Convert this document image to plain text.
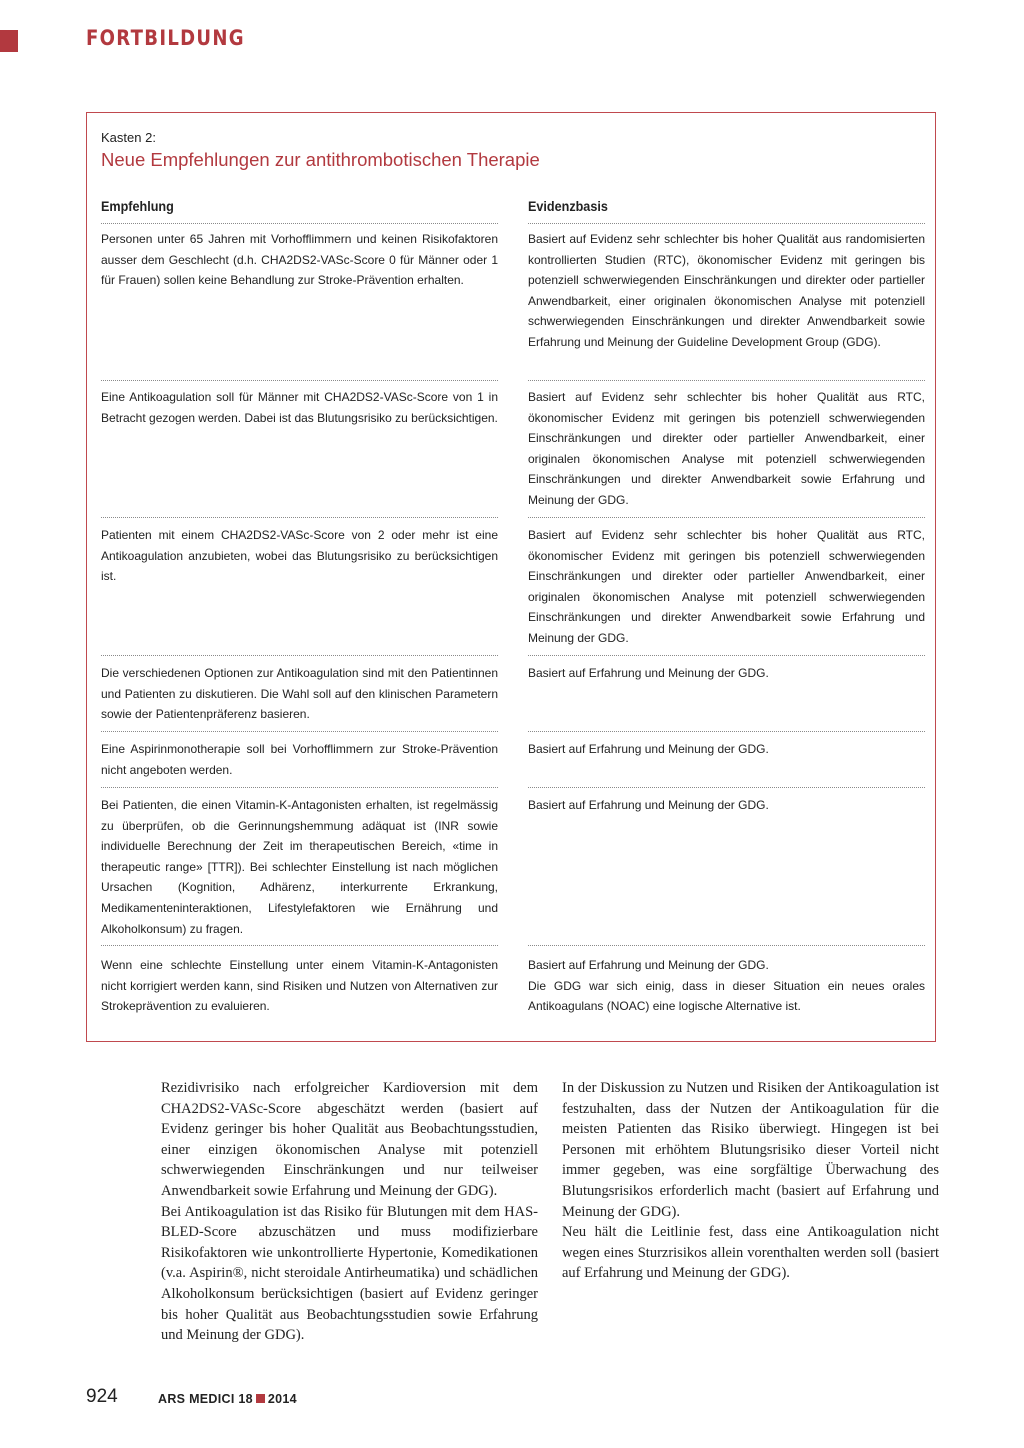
FORTBILDUNG
Kasten 2:
Neue Empfehlungen zur antithrombotischen Therapie
Empfehlung	Evidenzbasis

Personen unter 65 Jahren mit Vorhofflimmern und keinen Risikofaktoren ausser dem Geschlecht (d.h. CHA2DS2-VASc-Score 0 für Männer oder 1 für Frauen) sollen keine Behandlung zur Stroke-Prävention erhalten.

Basiert auf Evidenz sehr schlechter bis hoher Qualität aus randomisierten kontrollierten Studien (RTC), ökonomischer Evidenz mit geringen bis potenziell schwerwiegenden Einschränkungen und direkter oder partieller Anwendbarkeit, einer originalen ökonomischen Analyse mit potenziell schwerwiegenden Einschränkungen und direkter Anwendbarkeit sowie Erfahrung und Meinung der Guideline Development Group (GDG).

Eine Antikoagulation soll für Männer mit CHA2DS2-VASc-Score von 1 in Betracht gezogen werden. Dabei ist das Blutungsrisiko zu berücksichtigen.

Basiert auf Evidenz sehr schlechter bis hoher Qualität aus RTC, ökonomischer Evidenz mit geringen bis potenziell schwerwiegenden Einschränkungen und direkter oder partieller Anwendbarkeit, einer originalen ökonomischen Analyse mit potenziell schwerwiegenden Einschränkungen und direkter Anwendbarkeit sowie Erfahrung und Meinung der GDG.

Patienten mit einem CHA2DS2-VASc-Score von 2 oder mehr ist eine Antikoagulation anzubieten, wobei das Blutungsrisiko zu berücksichtigen ist.

Basiert auf Evidenz sehr schlechter bis hoher Qualität aus RTC, ökonomischer Evidenz mit geringen bis potenziell schwerwiegenden Einschränkungen und direkter oder partieller Anwendbarkeit, einer originalen ökonomischen Analyse mit potenziell schwerwiegenden Einschränkungen und direkter Anwendbarkeit sowie Erfahrung und Meinung der GDG.

Die verschiedenen Optionen zur Antikoagulation sind mit den Patientinnen und Patienten zu diskutieren. Die Wahl soll auf den klinischen Parametern sowie der Patientenpräferenz basieren.

Basiert auf Erfahrung und Meinung der GDG.

Eine Aspirinmonotherapie soll bei Vorhofflimmern zur Stroke-Prävention nicht angeboten werden.

Basiert auf Erfahrung und Meinung der GDG.

Bei Patienten, die einen Vitamin-K-Antagonisten erhalten, ist regelmässig zu überprüfen, ob die Gerinnungshemmung adäquat ist (INR sowie individuelle Berechnung der Zeit im therapeutischen Bereich, «time in therapeutic range» [TTR]). Bei schlechter Einstellung ist nach möglichen Ursachen (Kognition, Adhärenz, interkurrente Erkrankung, Medikamenteninteraktionen, Lifestylefaktoren wie Ernährung und Alkoholkonsum) zu fragen.

Basiert auf Erfahrung und Meinung der GDG.

Wenn eine schlechte Einstellung unter einem Vitamin-K-Antagonisten nicht korrigiert werden kann, sind Risiken und Nutzen von Alternativen zur Strokeprävention zu evaluieren.

Basiert auf Erfahrung und Meinung der GDG.
Die GDG war sich einig, dass in dieser Situation ein neues orales Antikoagulans (NOAC) eine logische Alternative ist.

Rezidivrisiko nach erfolgreicher Kardioversion mit dem CHA2DS2-VASc-Score abgeschätzt werden (basiert auf Evidenz geringer bis hoher Qualität aus Beobachtungsstudien, einer einzigen ökonomischen Analyse mit potenziell schwerwiegenden Einschränkungen und nur teilweiser Anwendbarkeit sowie Erfahrung und Meinung der GDG).

Bei Antikoagulation ist das Risiko für Blutungen mit dem HAS-BLED-Score abzuschätzen und muss modifizierbare Risikofaktoren wie unkontrollierte Hypertonie, Komedikationen (v.a. Aspirin®, nicht steroidale Antirheumatika) und schädlichen Alkoholkonsum berücksichtigen (basiert auf Evidenz geringer bis hoher Qualität aus Beobachtungsstudien sowie Erfahrung und Meinung der GDG).

In der Diskussion zu Nutzen und Risiken der Antikoagulation ist festzuhalten, dass der Nutzen der Antikoagulation für die meisten Patienten das Risiko überwiegt. Hingegen ist bei Personen mit erhöhtem Blutungsrisiko dieser Vorteil nicht immer gegeben, was eine sorgfältige Überwachung des Blutungsrisikos erforderlich macht (basiert auf Erfahrung und Meinung der GDG).

Neu hält die Leitlinie fest, dass eine Antikoagulation nicht wegen eines Sturzrisikos allein vorenthalten werden soll (basiert auf Erfahrung und Meinung der GDG).

924	ARS MEDICI 18 2014
